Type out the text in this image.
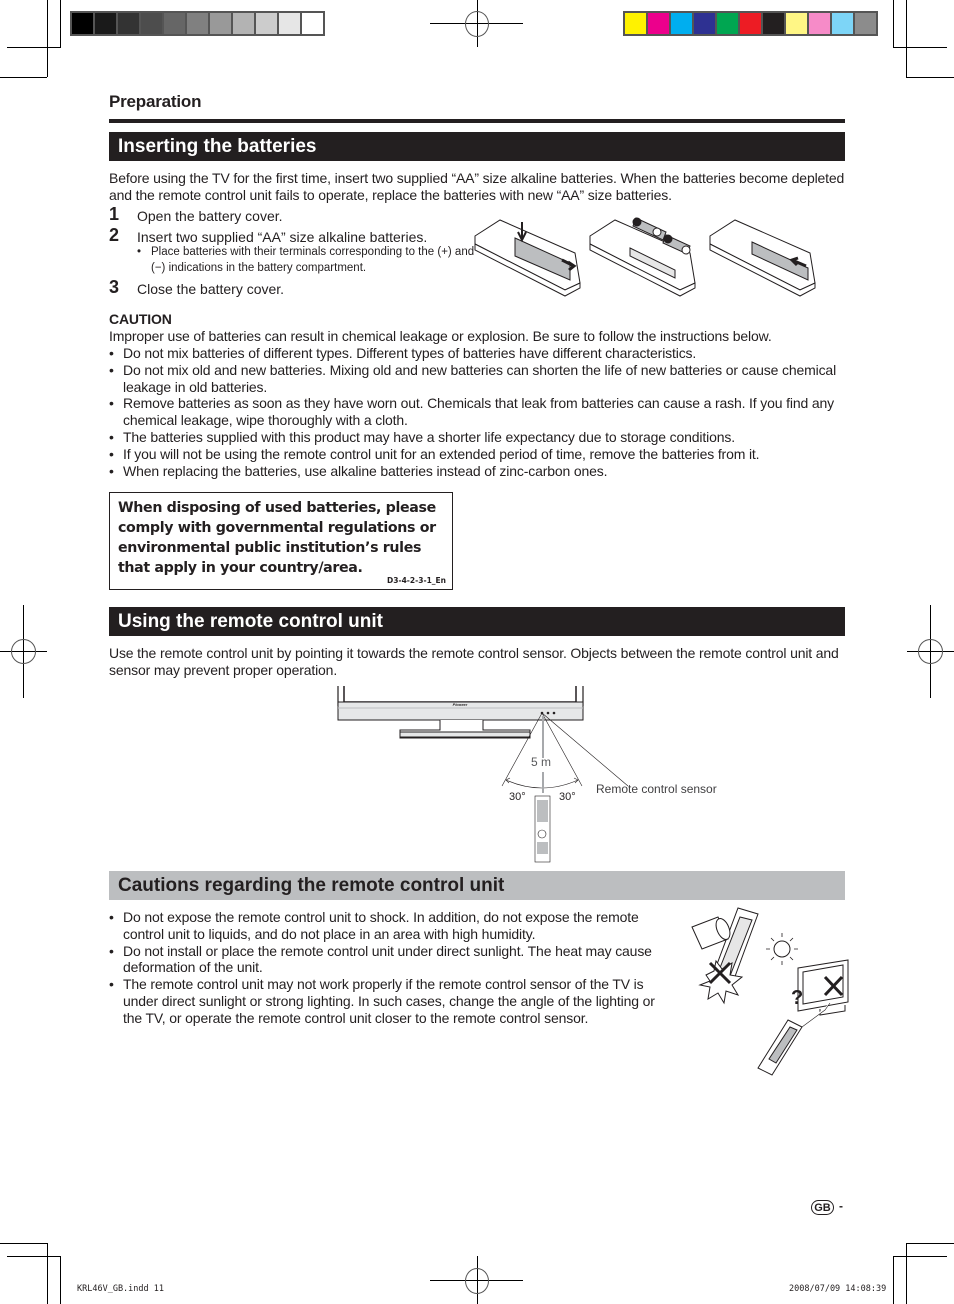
Preparation
Inserting the batteries
Before using the TV for the first time, insert two supplied “AA” size alkaline batteries. When the batteries become depleted and the remote control unit fails to operate, replace the batteries with new “AA” size batteries.
1 Open the battery cover.
2 Insert two supplied “AA” size alkaline batteries.
• Place batteries with their terminals corresponding to the (+) and (−) indications in the battery compartment.
3 Close the battery cover.
CAUTION
Improper use of batteries can result in chemical leakage or explosion. Be sure to follow the instructions below.
• Do not mix batteries of different types. Different types of batteries have different characteristics.
• Do not mix old and new batteries. Mixing old and new batteries can shorten the life of new batteries or cause chemical leakage in old batteries.
• Remove batteries as soon as they have worn out. Chemicals that leak from batteries can cause a rash. If you find any chemical leakage, wipe thoroughly with a cloth.
• The batteries supplied with this product may have a shorter life expectancy due to storage conditions.
• If you will not be using the remote control unit for an extended period of time, remove the batteries from it.
• When replacing the batteries, use alkaline batteries instead of zinc-carbon ones.
When disposing of used batteries, please comply with governmental regulations or environmental public institution’s rules that apply in your country/area.
D3-4-2-3-1_En
Using the remote control unit
Use the remote control unit by pointing it towards the remote control sensor. Objects between the remote control unit and sensor may prevent proper operation.
Pioneer
5 m
30°	30°
Remote control sensor
Cautions regarding the remote control unit
• Do not expose the remote control unit to shock. In addition, do not expose the remote control unit to liquids, and do not place in an area with high humidity.
• Do not install or place the remote control unit under direct sunlight. The heat may cause deformation of the unit.
• The remote control unit may not work properly if the remote control sensor of the TV is under direct sunlight or strong lighting. In such cases, change the angle of the lighting or the TV, or operate the remote control unit closer to the remote control sensor.
?
GB -
KRL46V_GB.indd 11	2008/07/09 14:08:39
